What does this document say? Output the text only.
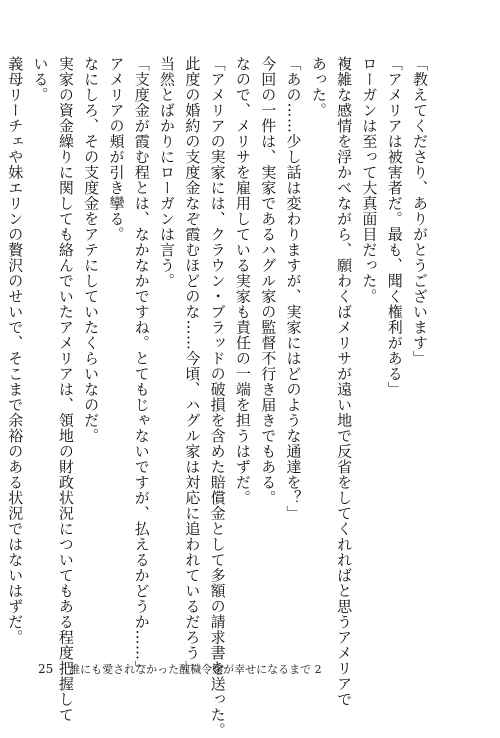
「教えてくださり、ありがとうございます」
「アメリアは被害者だ。最も、聞く権利がある」
ローガンは至って大真面目だった。
複雑な感情を浮かべながら、願わくばメリサが遠い地で反省をしてくれればと思うアメリアで
あった。
「あの……少し話は変わりますが、実家にはどのような通達を？」
今回の一件は、実家であるハグル家の監督不行き届きでもある。
なので、メリサを雇用している実家も責任の一端を担うはずだ。
「アメリアの実家には、クラウン・ブラッドの破損を含めた賠償金として多額の請求書を送った。
此度の婚約の支度金なぞ霞むほどのな……今頃、ハグル家は対応に追われているだろう」
当然とばかりにローガンは言う。
「支度金が霞む程とは、なかなかですね。とてもじゃないですが、払えるかどうか……」
アメリアの頬が引き攣る。
なにしろ、その支度金をアテにしていたくらいなのだ。
実家の資金繰りに関しても絡んでいたアメリアは、領地の財政状況についてもある程度把握して
いる。
義母リーチェや妹エリンの贅沢のせいで、そこまで余裕のある状況ではないはずだ。
25 誰にも愛されなかった醜穢令嬢が幸せになるまで 2
